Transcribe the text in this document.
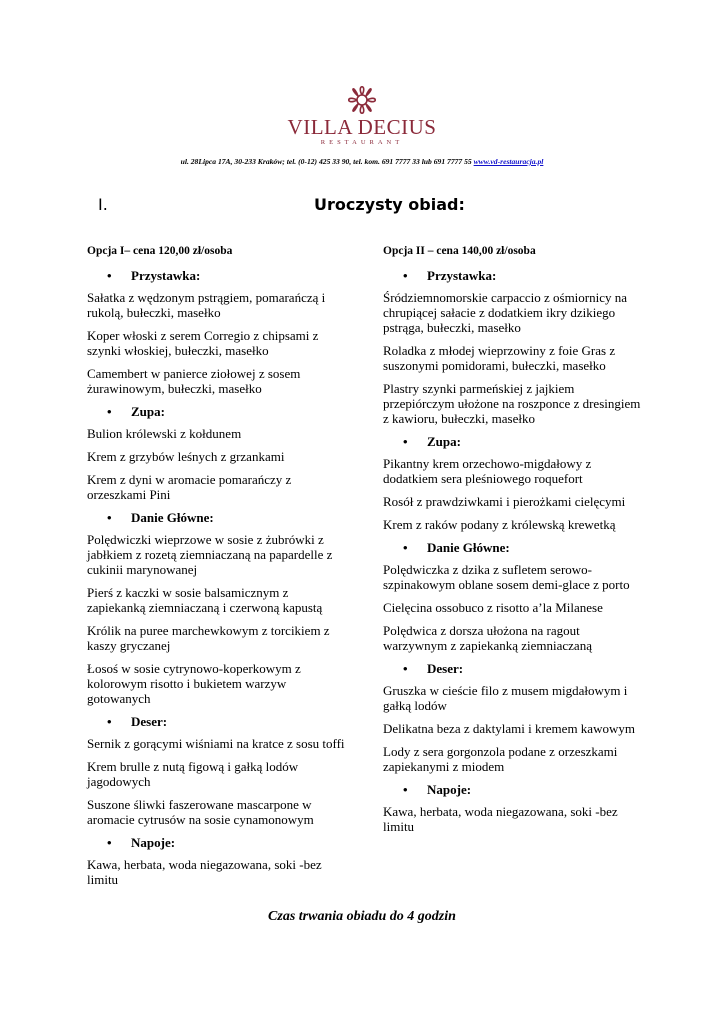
VILLA DECIUS
RESTAURANT
ul. 28Lipca 17A, 30-233 Kraków; tel. (0-12) 425 33 90, tel. kom. 691 7777 33 lub 691 7777 55 www.vd-restauracja.pl
I.	Uroczysty obiad:
Opcja I– cena 120,00 zł/osoba
• Przystawka:
Sałatka z wędzonym pstrągiem, pomarańczą i rukolą, bułeczki, masełko
Koper włoski z serem Corregio z chipsami z szynki włoskiej, bułeczki, masełko
Camembert w panierce ziołowej z sosem żurawinowym, bułeczki, masełko
• Zupa:
Bulion królewski z kołdunem
Krem z grzybów leśnych z grzankami
Krem z dyni w aromacie pomarańczy z orzeszkami Pini
• Danie Główne:
Polędwiczki wieprzowe w sosie z żubrówki z jabłkiem z rozetą ziemniaczaną na papardelle z cukinii marynowanej
Pierś z kaczki w sosie balsamicznym z zapiekanką ziemniaczaną i czerwoną kapustą
Królik na puree marchewkowym z torcikiem z kaszy gryczanej
Łosoś w sosie cytrynowo-koperkowym z kolorowym risotto i bukietem warzyw gotowanych
• Deser:
Sernik z gorącymi wiśniami na kratce z sosu toffi
Krem brulle z nutą figową i gałką lodów jagodowych
Suszone śliwki faszerowane mascarpone w aromacie cytrusów na sosie cynamonowym
• Napoje:
Kawa, herbata, woda niegazowana, soki -bez limitu
Opcja II – cena 140,00 zł/osoba
• Przystawka:
Śródziemnomorskie carpaccio z ośmiornicy na chrupiącej sałacie z dodatkiem ikry dzikiego pstrąga, bułeczki, masełko
Roladka z młodej wieprzowiny z foie Gras z suszonymi pomidorami, bułeczki, masełko
Plastry szynki parmeńskiej z jajkiem przepiórczym ułożone na roszponce z dresingiem z kawioru, bułeczki, masełko
• Zupa:
Pikantny krem orzechowo-migdałowy z dodatkiem sera pleśniowego roquefort
Rosół z prawdziwkami i pierożkami cielęcymi
Krem z raków podany z królewską krewetką
• Danie Główne:
Polędwiczka z dzika z sufletem serowo-szpinakowym oblane sosem demi-glace z porto
Cielęcina ossobuco z risotto a’la Milanese
Polędwica z dorsza ułożona na ragout warzywnym z zapiekanką ziemniaczaną
• Deser:
Gruszka w cieście filo z musem migdałowym i gałką lodów
Delikatna beza z daktylami i kremem kawowym
Lody z sera gorgonzola podane z orzeszkami zapiekanymi z miodem
• Napoje:
Kawa, herbata, woda niegazowana, soki -bez limitu
Czas trwania obiadu do 4 godzin
